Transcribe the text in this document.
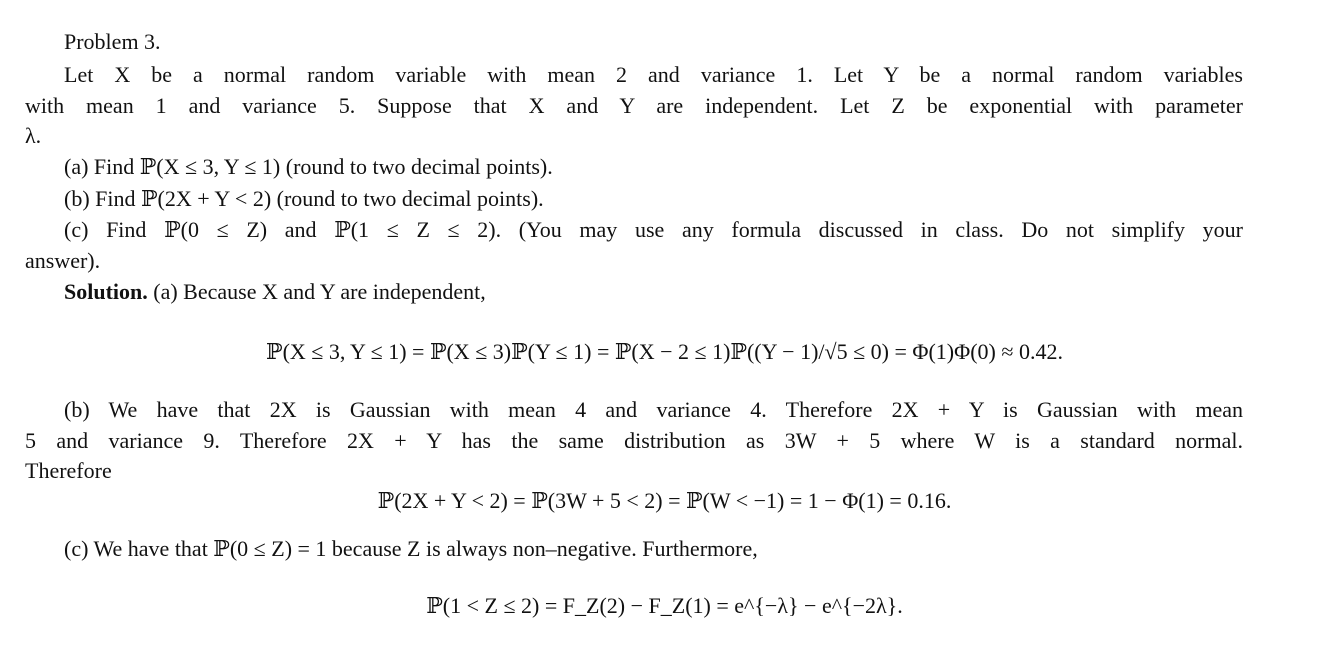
Problem 3.
Let X be a normal random variable with mean 2 and variance 1. Let Y be a normal random variables
with mean 1 and variance 5. Suppose that X and Y are independent. Let Z be exponential with parameter
λ.
(a) Find ℙ(X ≤ 3, Y ≤ 1) (round to two decimal points).
(b) Find ℙ(2X + Y < 2) (round to two decimal points).
(c) Find ℙ(0 ≤ Z) and ℙ(1 ≤ Z ≤ 2). (You may use any formula discussed in class. Do not simplify your
answer).
Solution. (a) Because X and Y are independent,
ℙ(X ≤ 3, Y ≤ 1) = ℙ(X ≤ 3)ℙ(Y ≤ 1) = ℙ(X − 2 ≤ 1)ℙ((Y − 1)/√5 ≤ 0) = Φ(1)Φ(0) ≈ 0.42.
(b) We have that 2X is Gaussian with mean 4 and variance 4. Therefore 2X + Y is Gaussian with mean
5 and variance 9. Therefore 2X + Y has the same distribution as 3W + 5 where W is a standard normal.
Therefore
ℙ(2X + Y < 2) = ℙ(3W + 5 < 2) = ℙ(W < −1) = 1 − Φ(1) = 0.16.
(c) We have that ℙ(0 ≤ Z) = 1 because Z is always non–negative. Furthermore,
ℙ(1 < Z ≤ 2) = F_Z(2) − F_Z(1) = e^{−λ} − e^{−2λ}.
